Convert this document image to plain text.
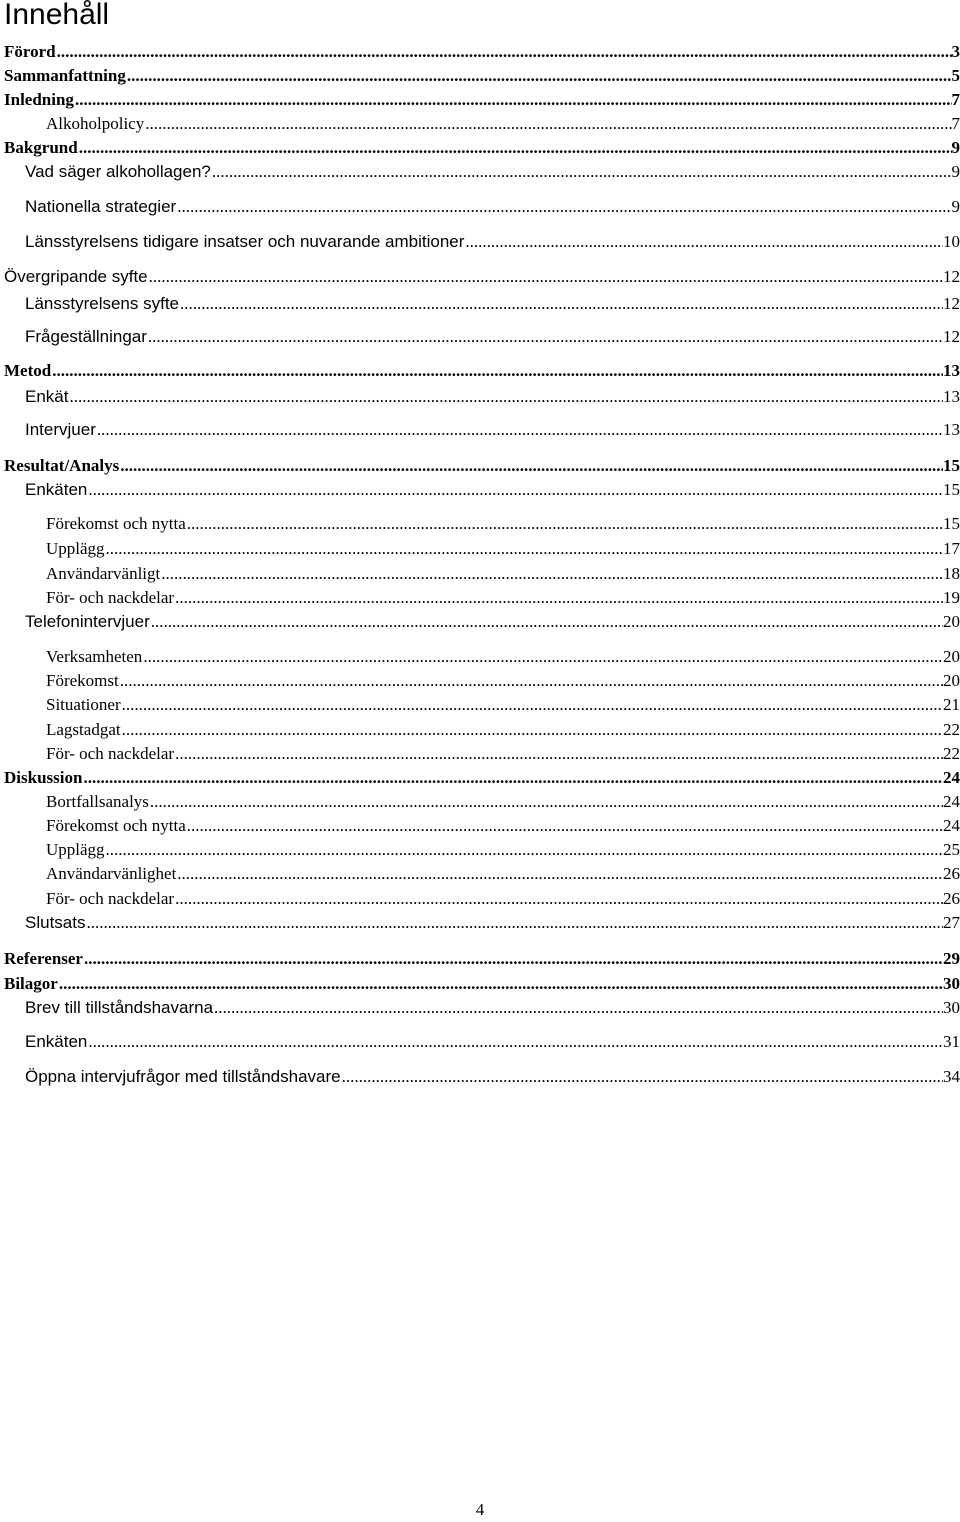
Innehåll
Förord .....	3
Sammanfattning .....	5
Inledning .....	7
Alkoholpolicy .....	7
Bakgrund .....	9
Vad säger alkohollagen? .....	9
Nationella strategier .....	9
Länsstyrelsens tidigare insatser och nuvarande ambitioner .....	10
Övergripande syfte .....	12
Länsstyrelsens syfte .....	12
Frågeställningar .....	12
Metod .....	13
Enkät .....	13
Intervjuer .....	13
Resultat/Analys .....	15
Enkäten .....	15
Förekomst och nytta .....	15
Upplägg .....	17
Användarvänligt .....	18
För- och nackdelar .....	19
Telefonintervjuer .....	20
Verksamheten .....	20
Förekomst .....	20
Situationer .....	21
Lagstadgat .....	22
För- och nackdelar .....	22
Diskussion .....	24
Bortfallsanalys .....	24
Förekomst och nytta .....	24
Upplägg .....	25
Användarvänlighet .....	26
För- och nackdelar .....	26
Slutsats .....	27
Referenser .....	29
Bilagor .....	30
Brev till tillståndshavarna .....	30
Enkäten .....	31
Öppna intervjufrågor med tillståndshavare .....	34
4
